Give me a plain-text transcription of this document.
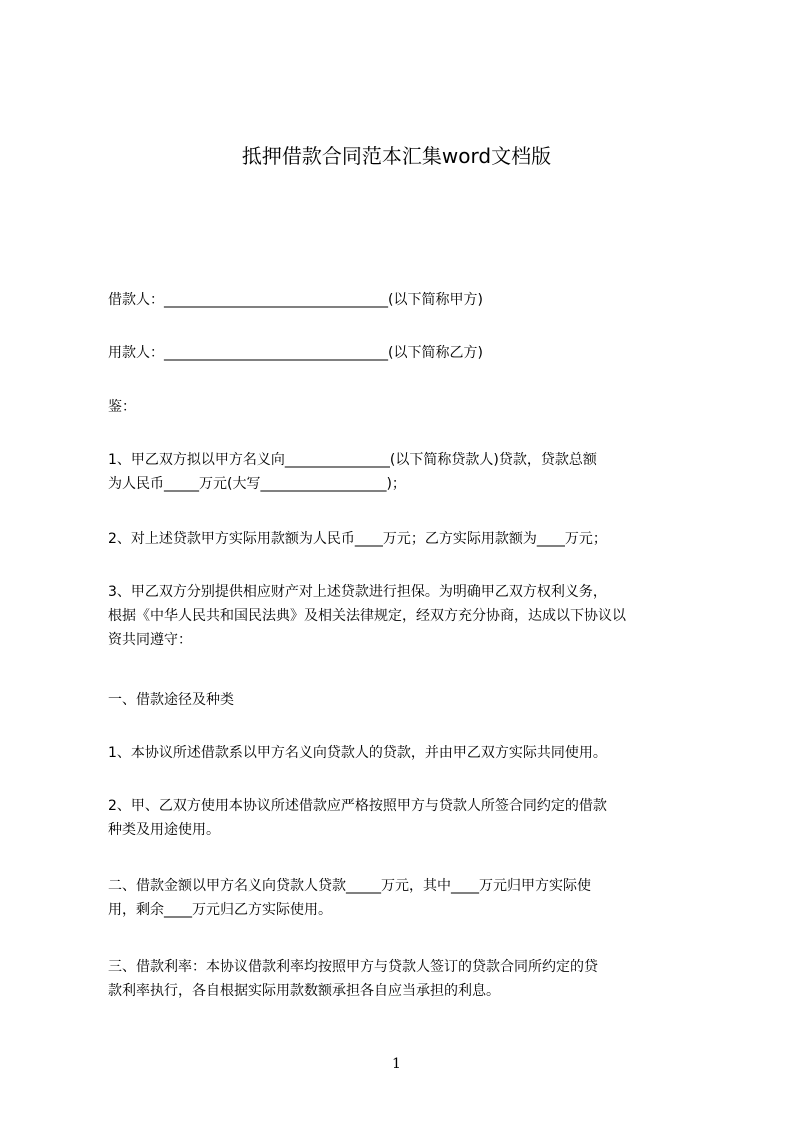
抵押借款合同范本汇集word文档版
借款人：________________________________(以下简称甲方)
用款人：________________________________(以下简称乙方)
鉴：
1、甲乙双方拟以甲方名义向_______________(以下简称贷款人)贷款，贷款总额
为人民币_____万元(大写__________________)；
2、对上述贷款甲方实际用款额为人民币____万元；乙方实际用款额为____万元；
3、甲乙双方分别提供相应财产对上述贷款进行担保。为明确甲乙双方权利义务，
根据《中华人民共和国民法典》及相关法律规定，经双方充分协商，达成以下协议以
资共同遵守：
一、借款途径及种类
1、本协议所述借款系以甲方名义向贷款人的贷款，并由甲乙双方实际共同使用。
2、甲、乙双方使用本协议所述借款应严格按照甲方与贷款人所签合同约定的借款
种类及用途使用。
二、借款金额以甲方名义向贷款人贷款_____万元，其中____万元归甲方实际使
用，剩余____万元归乙方实际使用。
三、借款利率：本协议借款利率均按照甲方与贷款人签订的贷款合同所约定的贷
款利率执行，各自根据实际用款数额承担各自应当承担的利息。
1
